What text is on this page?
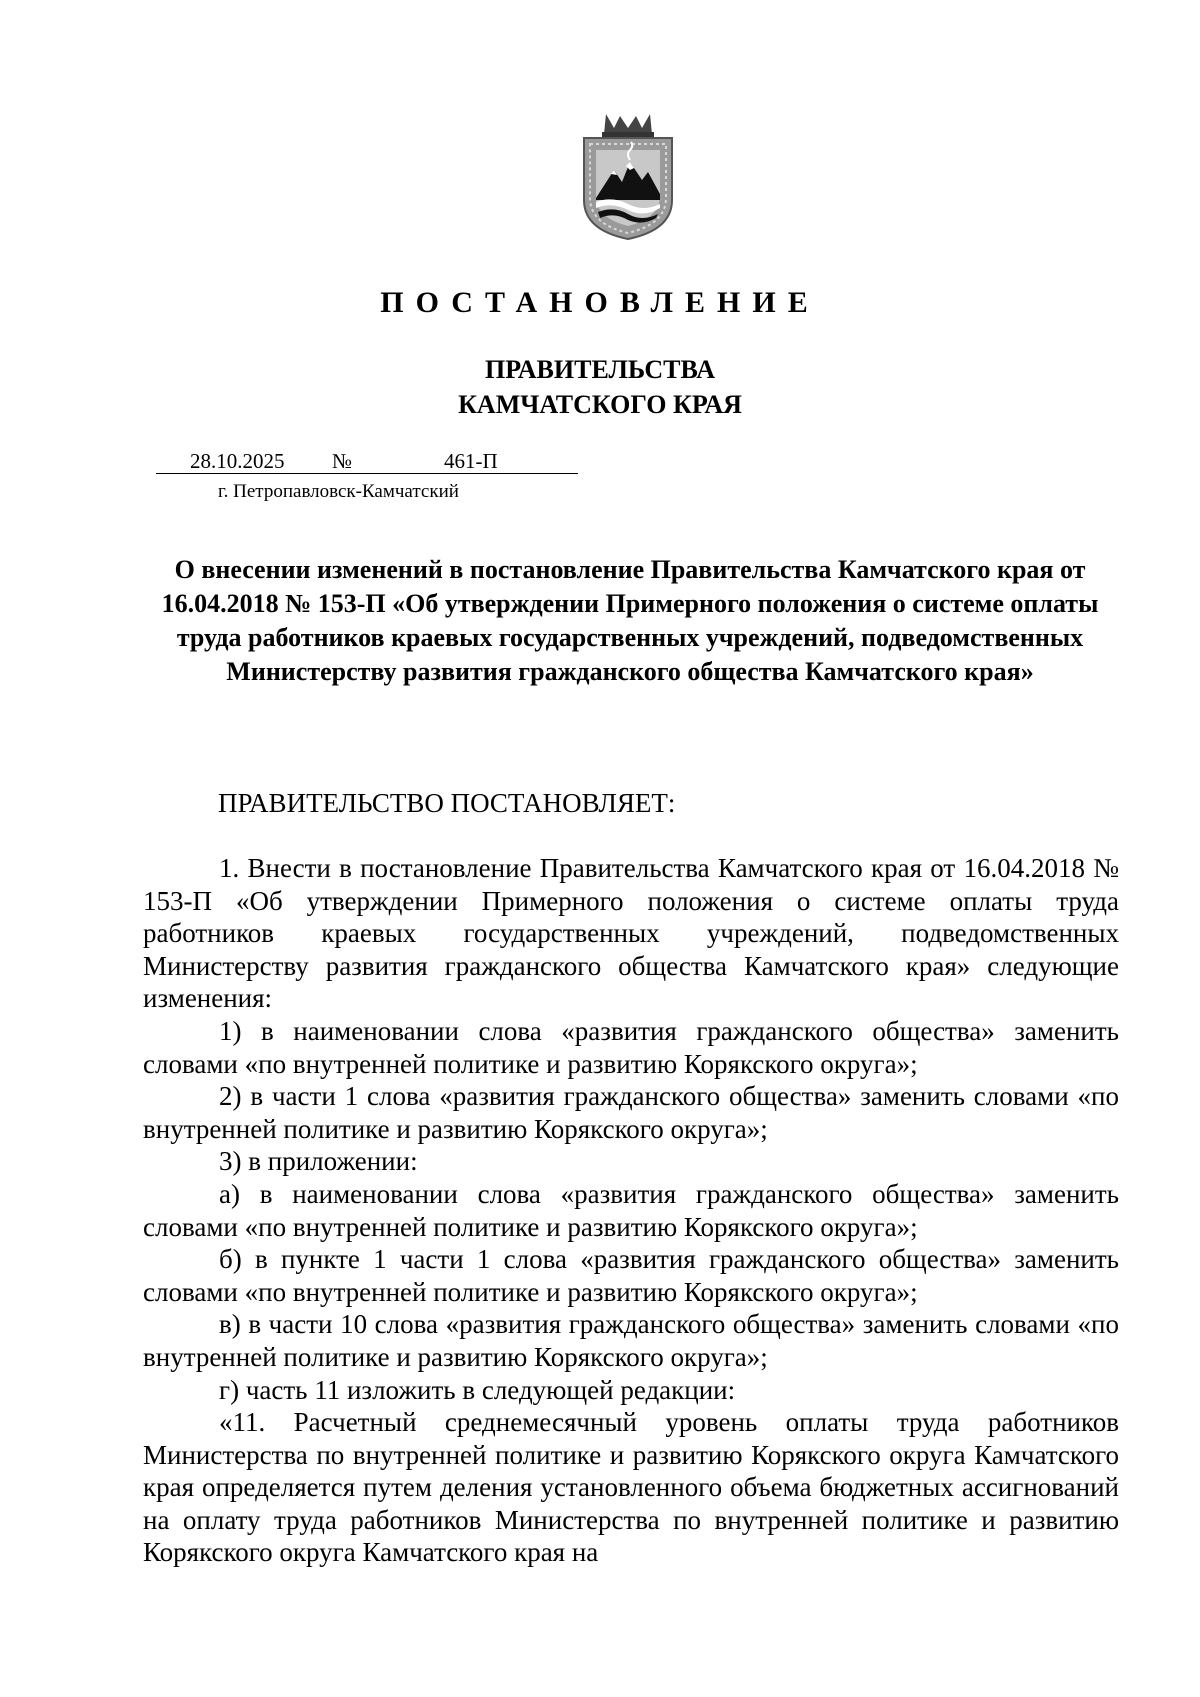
ПОСТАНОВЛЕНИЕ
ПРАВИТЕЛЬСТВА
КАМЧАТСКОГО КРАЯ
28.10.2025 №	461-П
г. Петропавловск-Камчатский
О внесении изменений в постановление Правительства Камчатского края от 16.04.2018 № 153-П «Об утверждении Примерного положения о системе оплаты труда работников краевых государственных учреждений, подведомственных Министерству развития гражданского общества Камчатского края»
ПРАВИТЕЛЬСТВО ПОСТАНОВЛЯЕТ:

1. Внести в постановление Правительства Камчатского края от 16.04.2018 № 153-П «Об утверждении Примерного положения о системе оплаты труда работников краевых государственных учреждений, подведомственных Министерству развития гражданского общества Камчатского края» следующие изменения:

1) в наименовании слова «развития гражданского общества» заменить словами «по внутренней политике и развитию Корякского округа»;

2) в части 1 слова «развития гражданского общества» заменить словами «по внутренней политике и развитию Корякского округа»;

3) в приложении:

а) в наименовании слова «развития гражданского общества» заменить словами «по внутренней политике и развитию Корякского округа»;

б) в пункте 1 части 1 слова «развития гражданского общества» заменить словами «по внутренней политике и развитию Корякского округа»;

в) в части 10 слова «развития гражданского общества» заменить словами «по внутренней политике и развитию Корякского округа»;

г) часть 11 изложить в следующей редакции:

«11. Расчетный среднемесячный уровень оплаты труда работников Министерства по внутренней политике и развитию Корякского округа Камчатского края определяется путем деления установленного объема бюджетных ассигнований на оплату труда работников Министерства по внутренней политике и развитию Корякского округа Камчатского края на
